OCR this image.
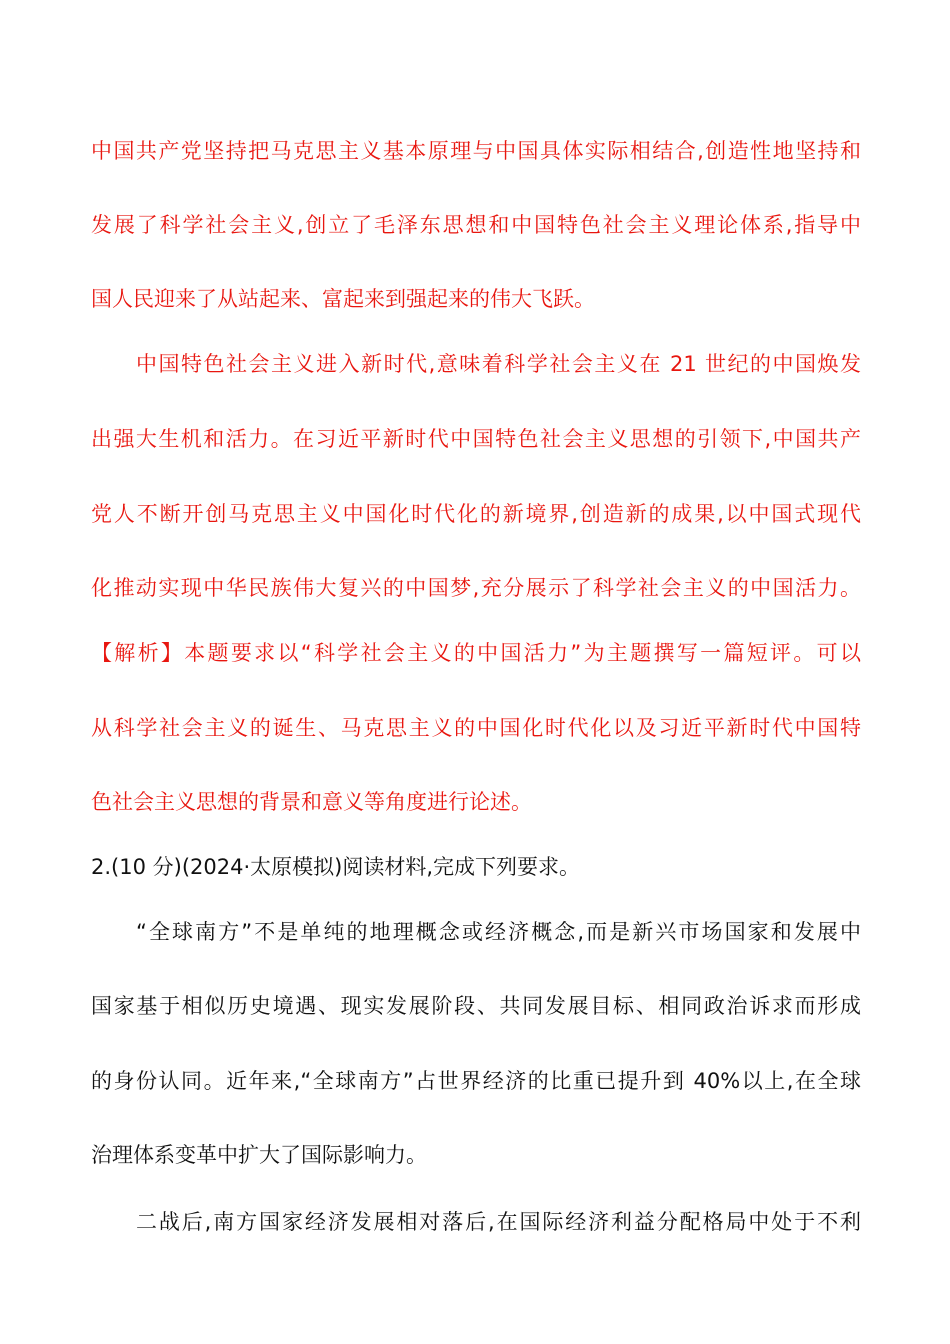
中国共产党坚持把马克思主义基本原理与中国具体实际相结合,创造性地坚持和
发展了科学社会主义,创立了毛泽东思想和中国特色社会主义理论体系,指导中
国人民迎来了从站起来、富起来到强起来的伟大飞跃。
中国特色社会主义进入新时代,意味着科学社会主义在 21 世纪的中国焕发
出强大生机和活力。在习近平新时代中国特色社会主义思想的引领下,中国共产
党人不断开创马克思主义中国化时代化的新境界,创造新的成果,以中国式现代
化推动实现中华民族伟大复兴的中国梦,充分展示了科学社会主义的中国活力。
【解析】本题要求以“科学社会主义的中国活力”为主题撰写一篇短评。可以
从科学社会主义的诞生、马克思主义的中国化时代化以及习近平新时代中国特
色社会主义思想的背景和意义等角度进行论述。
2.(10 分)(2024·太原模拟)阅读材料,完成下列要求。
“全球南方”不是单纯的地理概念或经济概念,而是新兴市场国家和发展中
国家基于相似历史境遇、现实发展阶段、共同发展目标、相同政治诉求而形成
的身份认同。近年来,“全球南方”占世界经济的比重已提升到 40%以上,在全球
治理体系变革中扩大了国际影响力。
二战后,南方国家经济发展相对落后,在国际经济利益分配格局中处于不利
